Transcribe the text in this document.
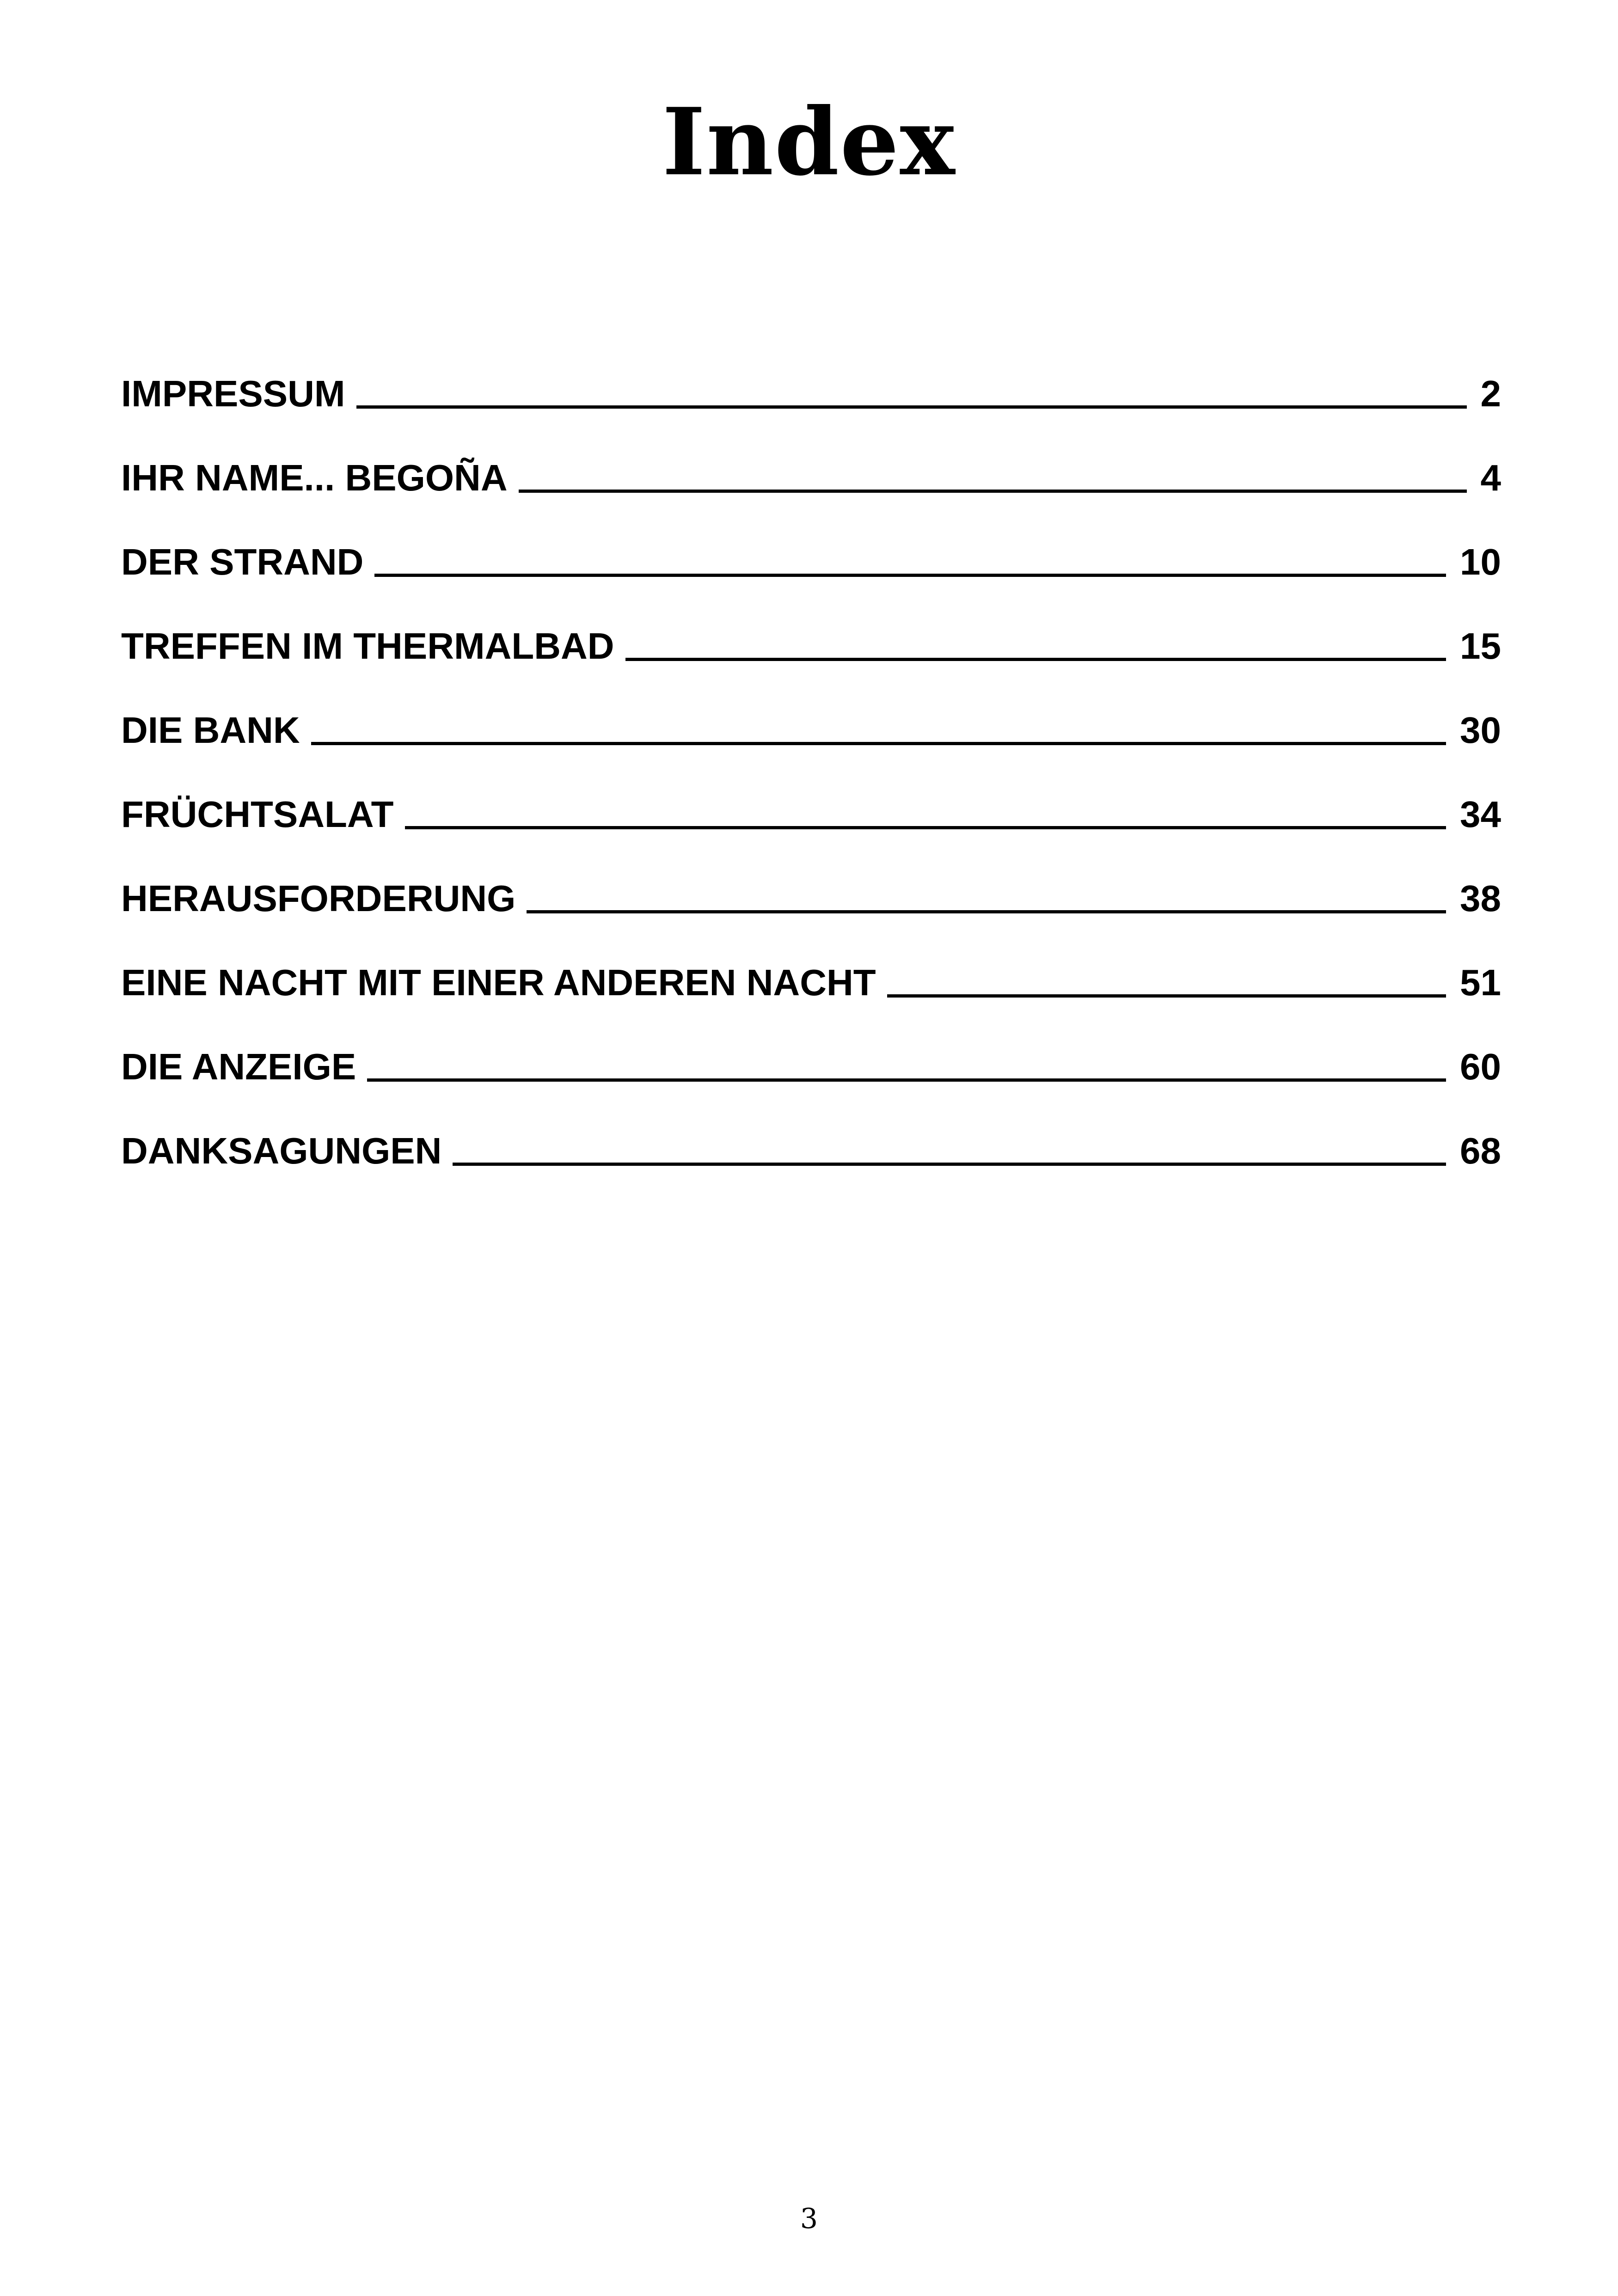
Index
IMPRESSUM	2
IHR NAME... BEGOÑA	4
DER STRAND	10
TREFFEN IM THERMALBAD	15
DIE BANK	30
FRÜCHTSALAT	34
HERAUSFORDERUNG	38
EINE NACHT MIT EINER ANDEREN NACHT	51
DIE ANZEIGE	60
DANKSAGUNGEN	68
3
